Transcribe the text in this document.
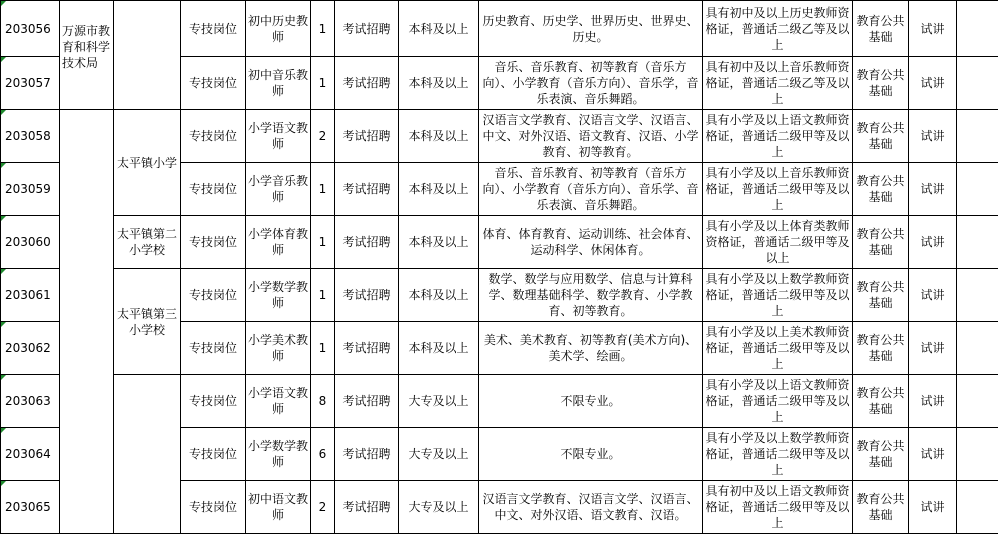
203056	万源市教育和科学技术局		专技岗位	初中历史教师	1	考试招聘	本科及以上	历史教育、历史学、世界历史、世界史、历史。	具有初中及以上历史教师资格证，普通话二级乙等及以上	教育公共基础	试讲	
203057			专技岗位	初中音乐教师	1	考试招聘	本科及以上	音乐、音乐教育、初等教育（音乐方向）、小学教育（音乐方向）、音乐学，音乐表演、音乐舞蹈。	具有初中及以上音乐教师资格证，普通话二级乙等及以上	教育公共基础	试讲	
203058		太平镇小学	专技岗位	小学语文教师	2	考试招聘	本科及以上	汉语言文学教育、汉语言文学、汉语言、中文、对外汉语、语文教育、汉语、小学教育、初等教育。	具有小学及以上语文教师资格证，普通话二级甲等及以上	教育公共基础	试讲	
203059			专技岗位	小学音乐教师	1	考试招聘	本科及以上	音乐、音乐教育、初等教育（音乐方向）、小学教育（音乐方向）、音乐学、音乐表演、音乐舞蹈。	具有小学及以上音乐教师资格证，普通话二级甲等及以上	教育公共基础	试讲	
203060		太平镇第二小学校	专技岗位	小学体育教师	1	考试招聘	本科及以上	体育、体育教育、运动训练、社会体育、运动科学、休闲体育。	具有小学及以上体育类教师资格证，普通话二级甲等及以上	教育公共基础	试讲	
203061		太平镇第三小学校	专技岗位	小学数学教师	1	考试招聘	本科及以上	数学、数学与应用数学、信息与计算科学、数理基础科学、数学教育、小学教育、初等教育。	具有小学及以上数学教师资格证，普通话二级甲等及以上	教育公共基础	试讲	
203062			专技岗位	小学美术教师	1	考试招聘	本科及以上	美术、美术教育、初等教育(美术方向)、美术学、绘画。	具有小学及以上美术教师资格证，普通话二级甲等及以上	教育公共基础	试讲	
203063			专技岗位	小学语文教师	8	考试招聘	大专及以上	不限专业。	具有小学及以上语文教师资格证，普通话二级甲等及以上	教育公共基础	试讲	
203064			专技岗位	小学数学教师	6	考试招聘	大专及以上	不限专业。	具有小学及以上数学教师资格证，普通话二级甲等及以上	教育公共基础	试讲	
203065			专技岗位	初中语文教师	2	考试招聘	大专及以上	汉语言文学教育、汉语言文学、汉语言、中文、对外汉语、语文教育、汉语。	具有初中及以上语文教师资格证，普通话二级甲等及以上	教育公共基础	试讲	
